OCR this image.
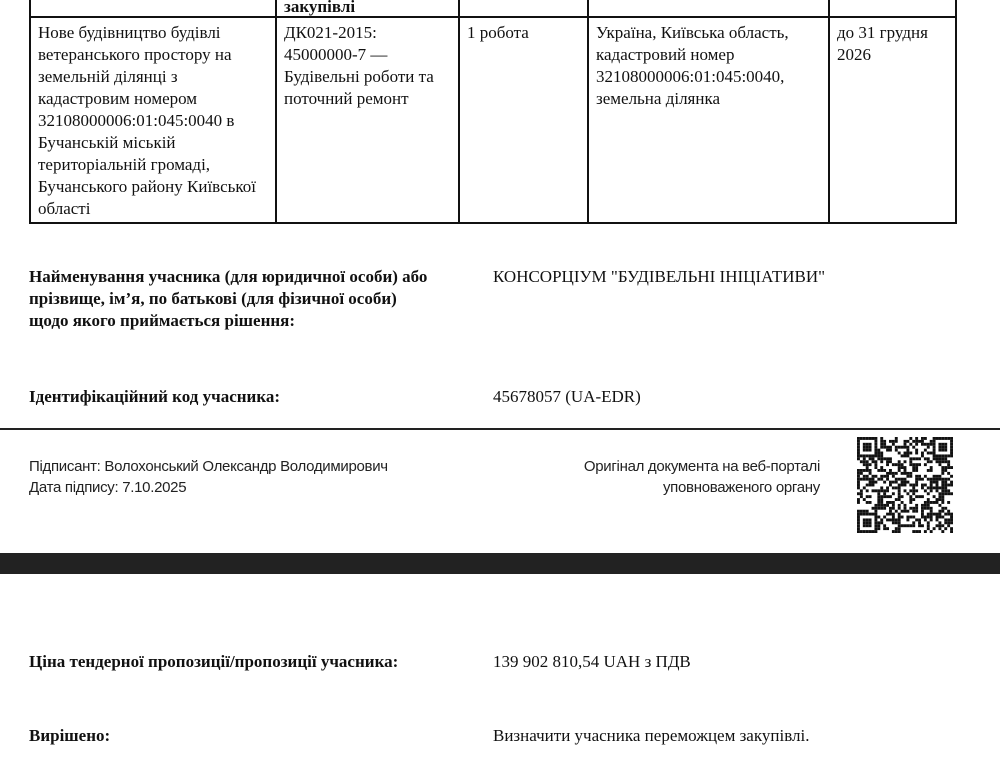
	закупівлі			
Нове будівництво будівлі ветеранського простору на земельній ділянці з кадастровим номером 32108000006:01:045:0040 в Бучанській міській територіальній громаді, Бучанського району Київської області	ДК021-2015: 45000000-7 — Будівельні роботи та поточний ремонт	1 робота	Україна, Київська область, кадастровий номер 32108000006:01:045:0040, земельна ділянка	до 31 грудня 2026
Найменування учасника (для юридичної особи) або прізвище, ім’я, по батькові (для фізичної особи) щодо якого приймається рішення:
КОНСОРЦІУМ "БУДІВЕЛЬНІ ІНІЦІАТИВИ"
Ідентифікаційний код учасника:	45678057 (UA-EDR)
Підписант: Волохонський Олександр Володимирович
Дата підпису: 7.10.2025
Оригінал документа на веб-порталі
уповноваженого органу
Ціна тендерної пропозиції/пропозиції учасника:	139 902 810,54 UAH з ПДВ
Вирішено:	Визначити учасника переможцем закупівлі.
